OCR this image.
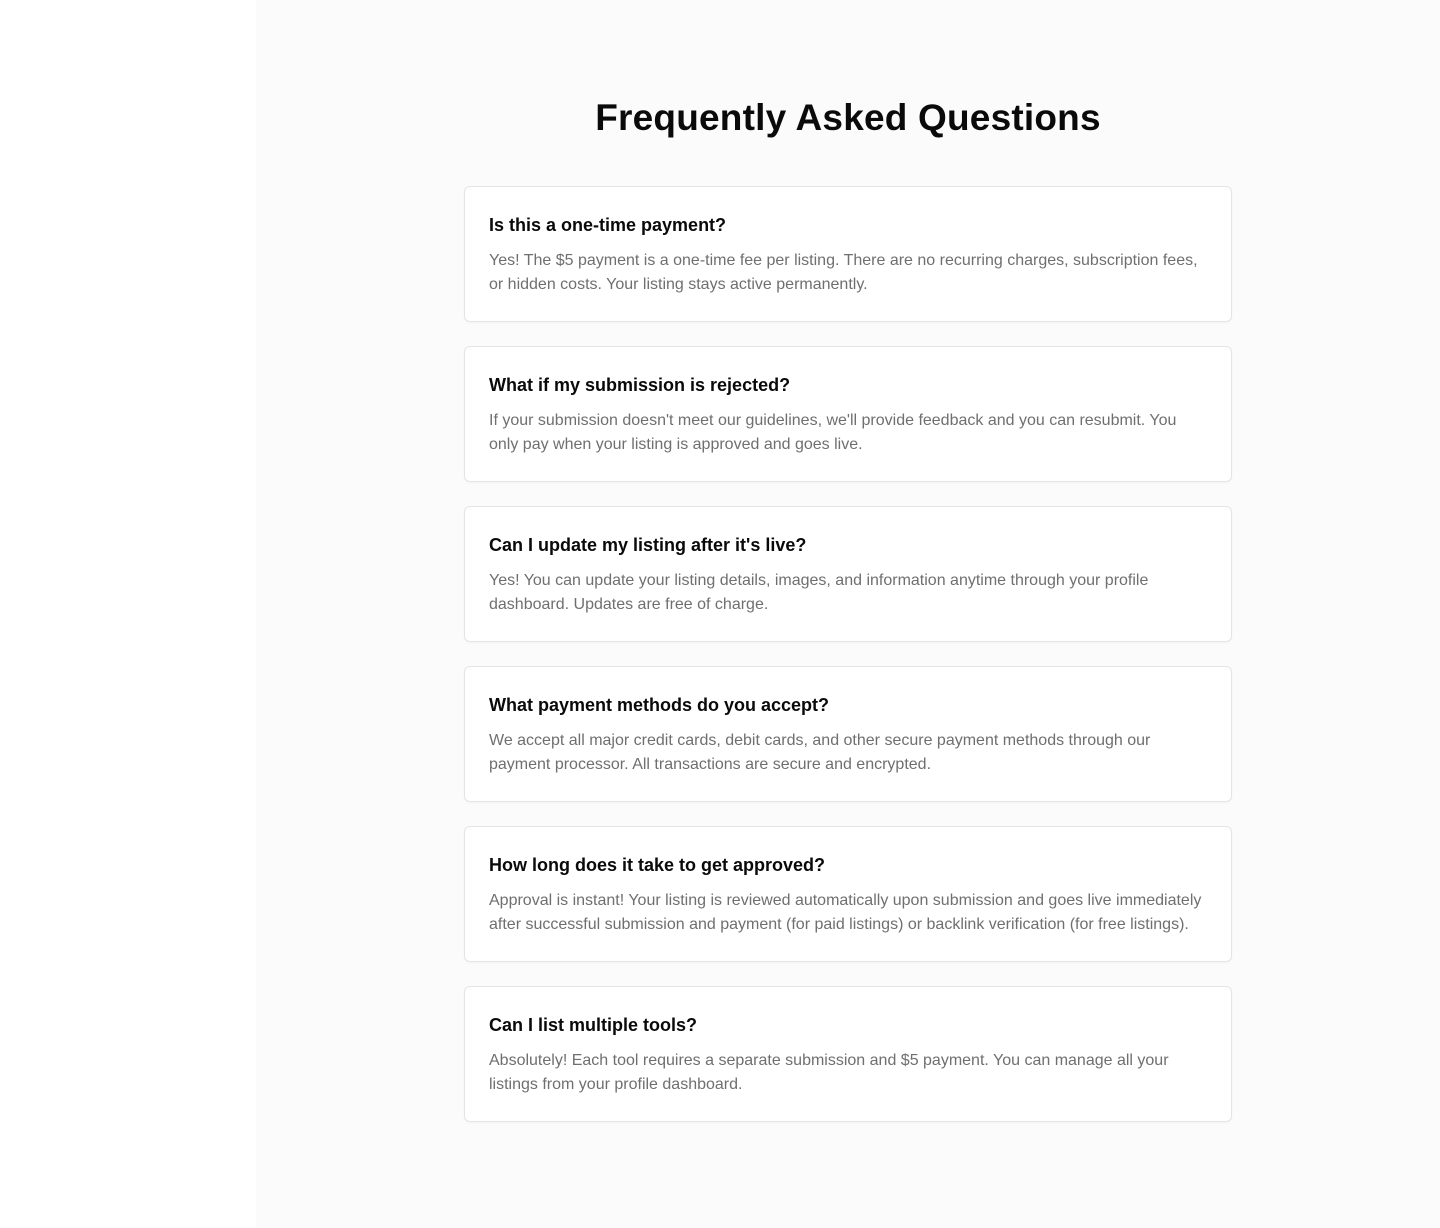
Frequently Asked Questions
Is this a one-time payment?

Yes! The $5 payment is a one-time fee per listing. There are no recurring charges, subscription fees, or hidden costs. Your listing stays active permanently.

What if my submission is rejected?

If your submission doesn't meet our guidelines, we'll provide feedback and you can resubmit. You only pay when your listing is approved and goes live.

Can I update my listing after it's live?

Yes! You can update your listing details, images, and information anytime through your profile dashboard. Updates are free of charge.

What payment methods do you accept?

We accept all major credit cards, debit cards, and other secure payment methods through our payment processor. All transactions are secure and encrypted.

How long does it take to get approved?

Approval is instant! Your listing is reviewed automatically upon submission and goes live immediately after successful submission and payment (for paid listings) or backlink verification (for free listings).

Can I list multiple tools?

Absolutely! Each tool requires a separate submission and $5 payment. You can manage all your listings from your profile dashboard.
